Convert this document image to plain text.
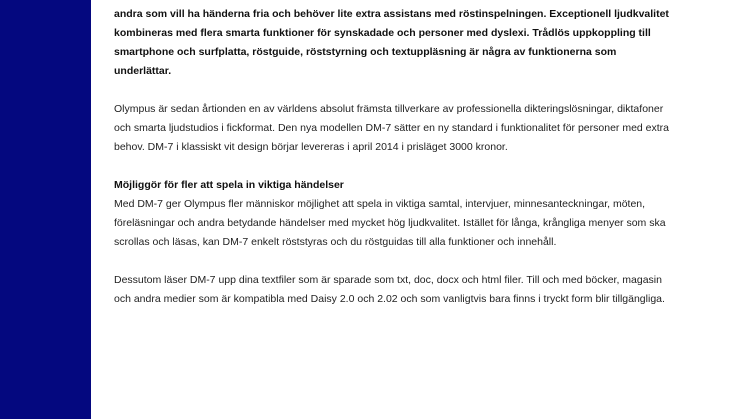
andra som vill ha händerna fria och behöver lite extra assistans med röstinspelningen. Exceptionell ljudkvalitet kombineras med flera smarta funktioner för synskadade och personer med dyslexi. Trådlös uppkoppling till smartphone och surfplatta, röstguide, röststyrning och textuppläsning är några av funktionerna som underlättar.

Olympus är sedan årtionden en av världens absolut främsta tillverkare av professionella dikteringslösningar, diktafoner och smarta ljudstudios i fickformat. Den nya modellen DM-7 sätter en ny standard i funktionalitet för personer med extra behov. DM-7 i klassiskt vit design börjar levereras i april 2014 i prisläget 3000 kronor.

Möjliggör för fler att spela in viktiga händelser
Med DM-7 ger Olympus fler människor möjlighet att spela in viktiga samtal, intervjuer, minnesanteckningar, möten, föreläsningar och andra betydande händelser med mycket hög ljudkvalitet. Istället för långa, krångliga menyer som ska scrollas och läsas, kan DM-7 enkelt röststyras och du röstguidas till alla funktioner och innehåll.

Dessutom läser DM-7 upp dina textfiler som är sparade som txt, doc, docx och html filer. Till och med böcker, magasin och andra medier som är kompatibla med Daisy 2.0 och 2.02 och som vanligtvis bara finns i tryckt form blir tillgängliga.
